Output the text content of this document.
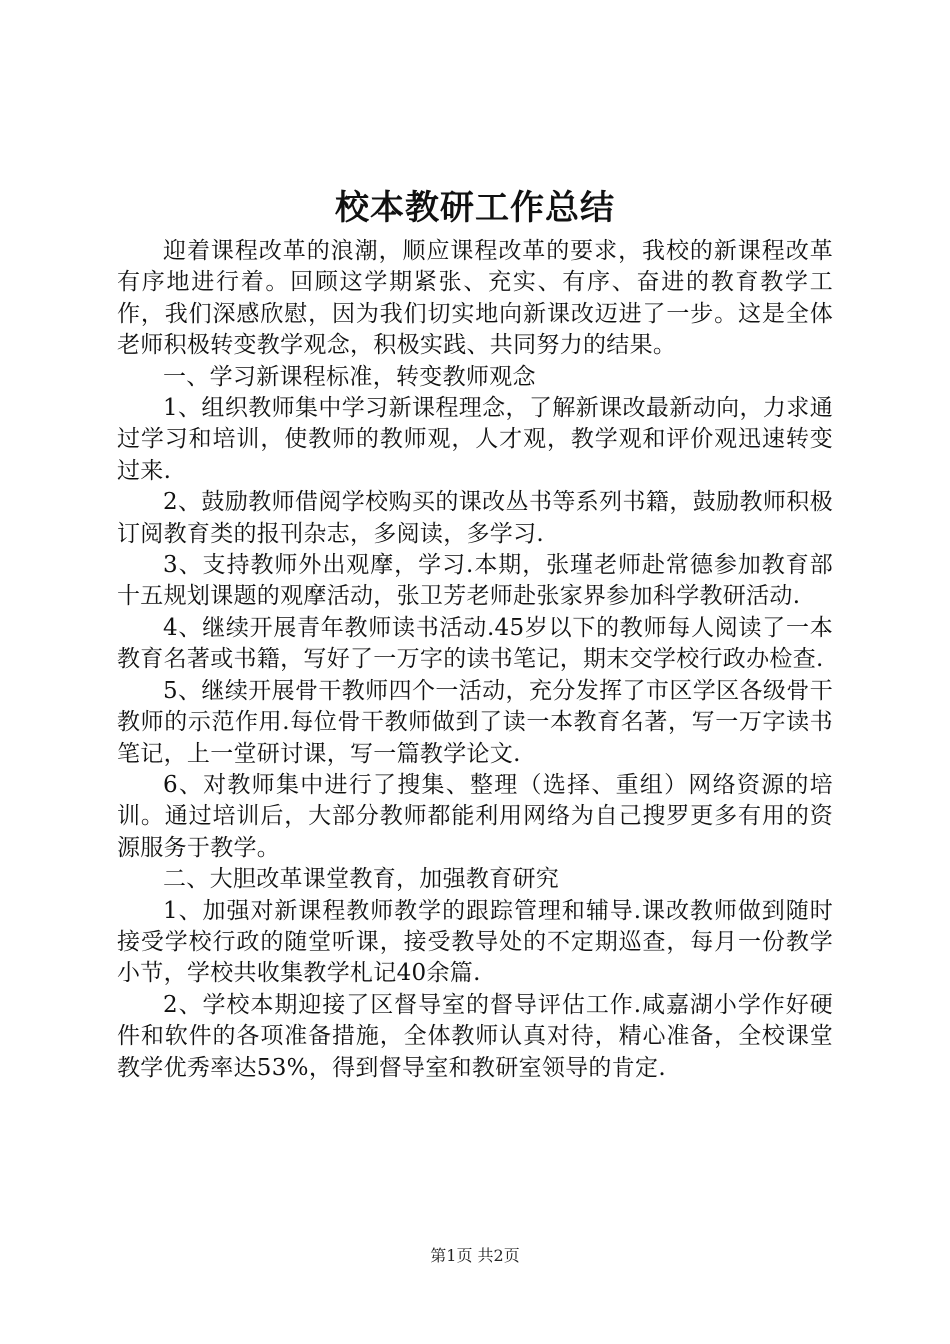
校本教研工作总结

迎着课程改革的浪潮，顺应课程改革的要求，我校的新课程改革有序地进行着。回顾这学期紧张、充实、有序、奋进的教育教学工作，我们深感欣慰，因为我们切实地向新课改迈进了一步。这是全体老师积极转变教学观念，积极实践、共同努力的结果。

一、学习新课程标准，转变教师观念

1、组织教师集中学习新课程理念，了解新课改最新动向，力求通过学习和培训，使教师的教师观，人才观，教学观和评价观迅速转变过来.

2、鼓励教师借阅学校购买的课改丛书等系列书籍，鼓励教师积极订阅教育类的报刊杂志，多阅读，多学习.

3、支持教师外出观摩，学习.本期，张瑾老师赴常德参加教育部十五规划课题的观摩活动，张卫芳老师赴张家界参加科学教研活动.

4、继续开展青年教师读书活动.45岁以下的教师每人阅读了一本教育名著或书籍，写好了一万字的读书笔记，期末交学校行政办检查.

5、继续开展骨干教师四个一活动，充分发挥了市区学区各级骨干教师的示范作用.每位骨干教师做到了读一本教育名著，写一万字读书笔记，上一堂研讨课，写一篇教学论文.

6、对教师集中进行了搜集、整理（选择、重组）网络资源的培训。通过培训后，大部分教师都能利用网络为自己搜罗更多有用的资源服务于教学。

二、大胆改革课堂教育，加强教育研究

1、加强对新课程教师教学的跟踪管理和辅导.课改教师做到随时接受学校行政的随堂听课，接受教导处的不定期巡查，每月一份教学小节，学校共收集教学札记40余篇.

2、学校本期迎接了区督导室的督导评估工作.咸嘉湖小学作好硬件和软件的各项准备措施，全体教师认真对待，精心准备，全校课堂教学优秀率达53%，得到督导室和教研室领导的肯定.

第1页 共2页
